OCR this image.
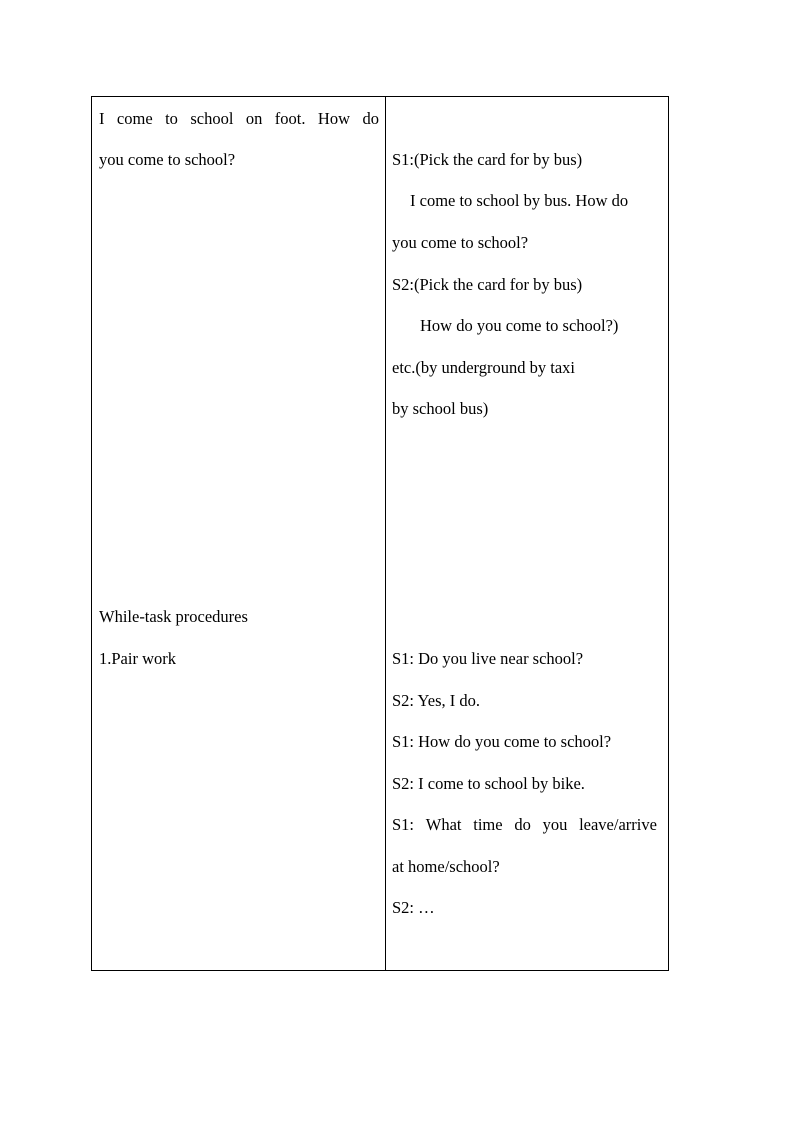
I come to school on foot. How do
you come to school?
While-task procedures
1.Pair work
S1:(Pick the card for by bus)
I come to school by bus. How do
you come to school?
S2:(Pick the card for by bus)
How do you come to school?)
etc.(by underground by taxi
by school bus)
S1: Do you live near school?
S2: Yes, I do.
S1: How do you come to school?
S2: I come to school by bike.
S1: What time do you leave/arrive
at home/school?
S2: …
